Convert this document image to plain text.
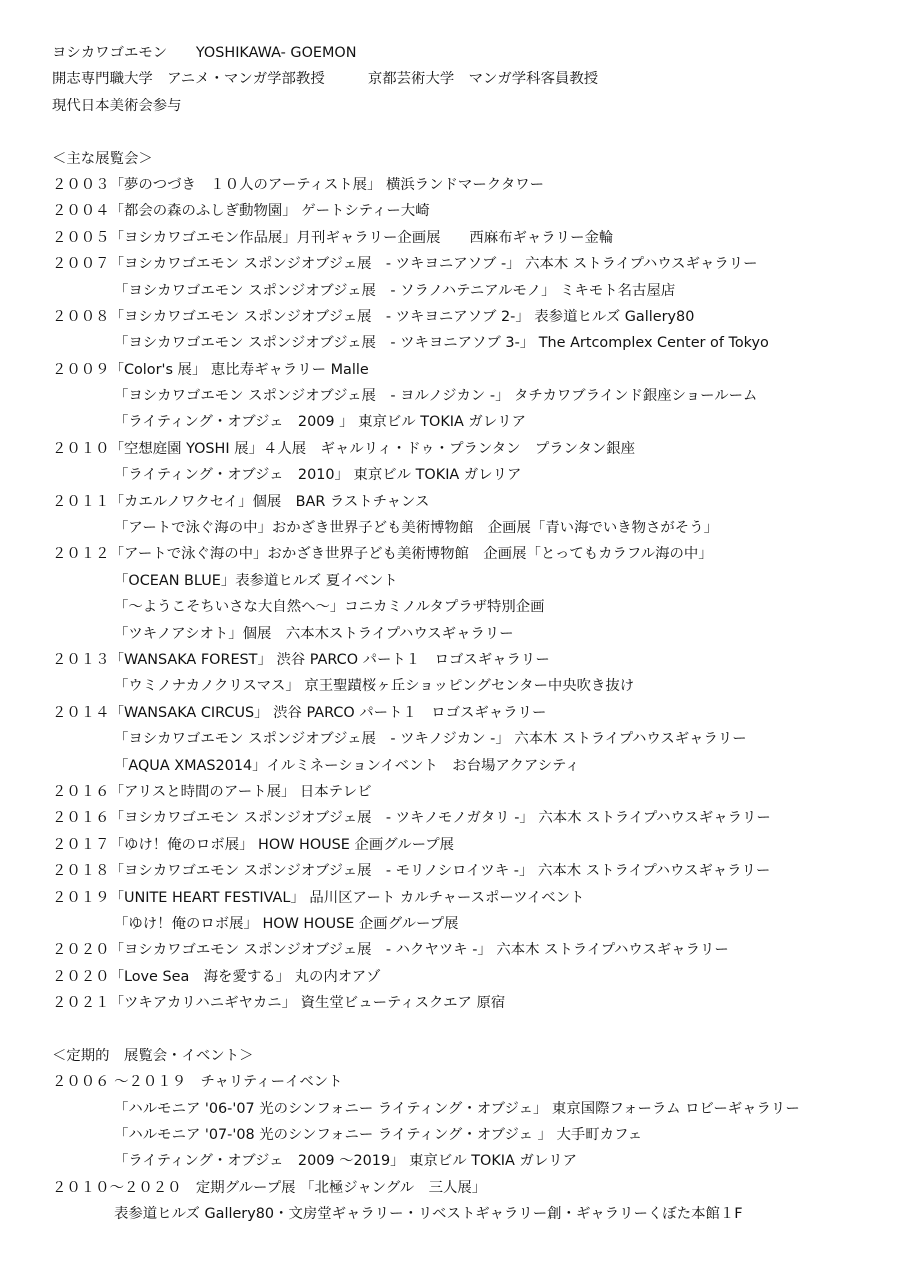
ヨシカワゴエモン　　YOSHIKAWA- GOEMON
開志専門職大学　アニメ・マンガ学部教授　　　京都芸術大学　マンガ学科客員教授
現代日本美術会参与
＜主な展覧会＞
２００３「夢のつづき　１０人のアーティスト展」 横浜ランドマークタワー
２００４「都会の森のふしぎ動物園」 ゲートシティー大崎
２００５「ヨシカワゴエモン作品展」月刊ギャラリー企画展　　西麻布ギャラリー金輪
２００７「ヨシカワゴエモン スポンジオブジェ展　- ツキヨニアソブ -」 六本木 ストライプハウスギャラリー
「ヨシカワゴエモン スポンジオブジェ展　- ソラノハテニアルモノ」 ミキモト名古屋店
２００８「ヨシカワゴエモン スポンジオブジェ展　- ツキヨニアソブ 2-」 表参道ヒルズ Gallery80
「ヨシカワゴエモン スポンジオブジェ展　- ツキヨニアソブ 3-」 The Artcomplex Center of Tokyo
２００９「Color's 展」 恵比寿ギャラリー Malle
「ヨシカワゴエモン スポンジオブジェ展　- ヨルノジカン -」 タチカワブラインド銀座ショールーム
「ライティング・オブジェ　2009 」 東京ビル TOKIA ガレリア
２０１０「空想庭園 YOSHI 展」４人展　ギャルリィ・ドゥ・プランタン　プランタン銀座
「ライティング・オブジェ　2010」 東京ビル TOKIA ガレリア
２０１１「カエルノワクセイ」個展　BAR ラストチャンス
「アートで泳ぐ海の中」おかざき世界子ども美術博物館　企画展「青い海でいき物さがそう」
２０１２「アートで泳ぐ海の中」おかざき世界子ども美術博物館　企画展「とってもカラフル海の中」
「OCEAN BLUE」表参道ヒルズ 夏イベント
「〜ようこそちいさな大自然へ〜」コニカミノルタプラザ特別企画
「ツキノアシオト」個展　六本木ストライプハウスギャラリー
２０１３「WANSAKA FOREST」 渋谷 PARCO パート１　ロゴスギャラリー
「ウミノナカノクリスマス」 京王聖蹟桜ヶ丘ショッピングセンター中央吹き抜け
２０１４「WANSAKA CIRCUS」 渋谷 PARCO パート１　ロゴスギャラリー
「ヨシカワゴエモン スポンジオブジェ展　- ツキノジカン -」 六本木 ストライプハウスギャラリー
「AQUA XMAS2014」イルミネーションイベント　お台場アクアシティ
２０１６「アリスと時間のアート展」 日本テレビ
２０１６「ヨシカワゴエモン スポンジオブジェ展　- ツキノモノガタリ -」 六本木 ストライプハウスギャラリー
２０１７「ゆけ！俺のロボ展」 HOW HOUSE 企画グループ展
２０１８「ヨシカワゴエモン スポンジオブジェ展　- モリノシロイツキ -」 六本木 ストライプハウスギャラリー
２０１９「UNITE HEART FESTIVAL」 品川区アート カルチャースポーツイベント
「ゆけ！俺のロボ展」 HOW HOUSE 企画グループ展
２０２０「ヨシカワゴエモン スポンジオブジェ展　- ハクヤツキ -」 六本木 ストライプハウスギャラリー
２０２０「Love Sea　海を愛する」 丸の内オアゾ
２０２１「ツキアカリハニギヤカニ」 資生堂ビューティスクエア 原宿
＜定期的　展覧会・イベント＞
２００６ 〜２０１９　チャリティーイベント
「ハルモニア '06-'07 光のシンフォニー ライティング・オブジェ」 東京国際フォーラム ロビーギャラリー
「ハルモニア '07-'08 光のシンフォニー ライティング・オブジェ 」 大手町カフェ
「ライティング・オブジェ　2009 〜2019」 東京ビル TOKIA ガレリア
２０１０〜２０２０　定期グループ展 「北極ジャングル　三人展」
表参道ヒルズ Gallery80・文房堂ギャラリー・リベストギャラリー創・ギャラリーくぼた本館１F
